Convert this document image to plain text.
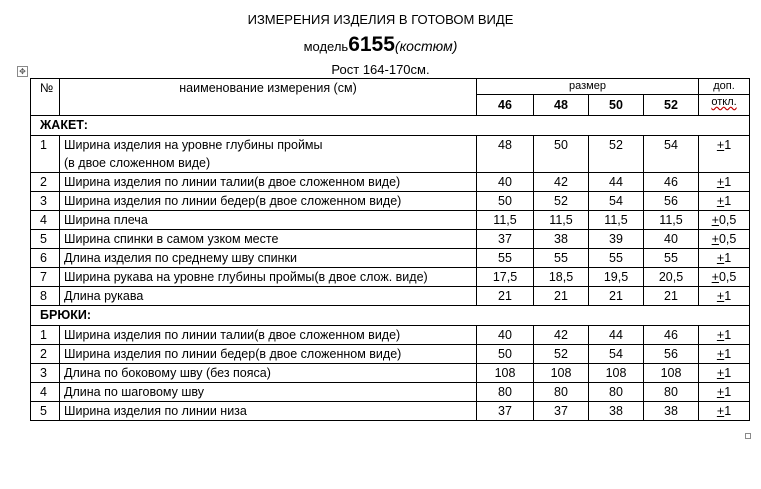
ИЗМЕРЕНИЯ ИЗДЕЛИЯ В ГОТОВОМ ВИДЕ
модель6155(костюм)
Рост 164-170см.
✥
№	наименование измерения (см)	размер				доп.
		46	48	50	52	откл.
ЖАКЕТ:						
1	Ширина изделия на уровне глубины проймы
(в двое сложенном виде)	48	50	52	54	+1
2	Ширина изделия по линии талии(в двое сложенном виде)	40	42	44	46	+1
3	Ширина изделия по линии бедер(в двое сложенном виде)	50	52	54	56	+1
4	Ширина плеча	11,5	11,5	11,5	11,5	+0,5
5	Ширина спинки в самом узком месте	37	38	39	40	+0,5
6	Длина изделия по среднему шву спинки	55	55	55	55	+1
7	Ширина рукава на уровне глубины проймы(в двое слож. виде)	17,5	18,5	19,5	20,5	+0,5
8	Длина рукава	21	21	21	21	+1
БРЮКИ:						
1	Ширина изделия по линии талии(в двое сложенном виде)	40	42	44	46	+1
2	Ширина изделия по линии бедер(в двое сложенном виде)	50	52	54	56	+1
3	Длина по боковому шву (без пояса)	108	108	108	108	+1
4	Длина по шаговому шву	80	80	80	80	+1
5	Ширина изделия по линии низа	37	37	38	38	+1
